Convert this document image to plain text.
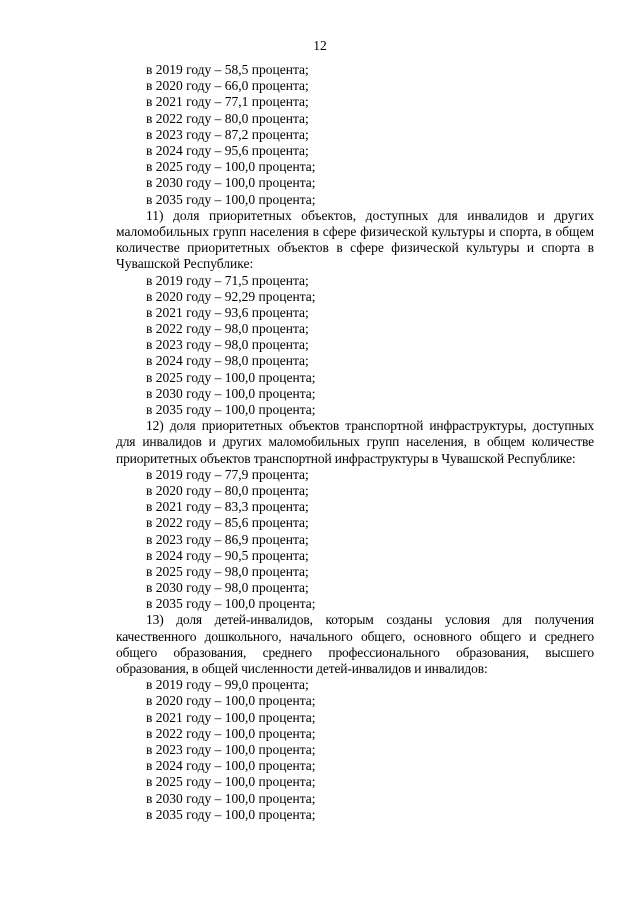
12
в 2019 году – 58,5 процента;
в 2020 году – 66,0 процента;
в 2021 году – 77,1 процента;
в 2022 году – 80,0 процента;
в 2023 году – 87,2 процента;
в 2024 году – 95,6 процента;
в 2025 году – 100,0 процента;
в 2030 году – 100,0 процента;
в 2035 году – 100,0 процента;

11) доля приоритетных объектов, доступных для инвалидов и других маломобильных групп населения в сфере физической культуры и спорта, в общем количестве приоритетных объектов в сфере физической культуры и спорта в Чувашской Республике:

в 2019 году – 71,5 процента;
в 2020 году – 92,29 процента;
в 2021 году – 93,6 процента;
в 2022 году – 98,0 процента;
в 2023 году – 98,0 процента;
в 2024 году – 98,0 процента;
в 2025 году – 100,0 процента;
в 2030 году – 100,0 процента;
в 2035 году – 100,0 процента;

12) доля приоритетных объектов транспортной инфраструктуры, доступных для инвалидов и других маломобильных групп населения, в общем количестве приоритетных объектов транспортной инфраструктуры в Чувашской Республике:

в 2019 году – 77,9 процента;
в 2020 году – 80,0 процента;
в 2021 году – 83,3 процента;
в 2022 году – 85,6 процента;
в 2023 году – 86,9 процента;
в 2024 году – 90,5 процента;
в 2025 году – 98,0 процента;
в 2030 году – 98,0 процента;
в 2035 году – 100,0 процента;

13) доля детей-инвалидов, которым созданы условия для получения качественного дошкольного, начального общего, основного общего и среднего общего образования, среднего профессионального образования, высшего образования, в общей численности детей-инвалидов и инвалидов:

в 2019 году – 99,0 процента;
в 2020 году – 100,0 процента;
в 2021 году – 100,0 процента;
в 2022 году – 100,0 процента;
в 2023 году – 100,0 процента;
в 2024 году – 100,0 процента;
в 2025 году – 100,0 процента;
в 2030 году – 100,0 процента;
в 2035 году – 100,0 процента;
